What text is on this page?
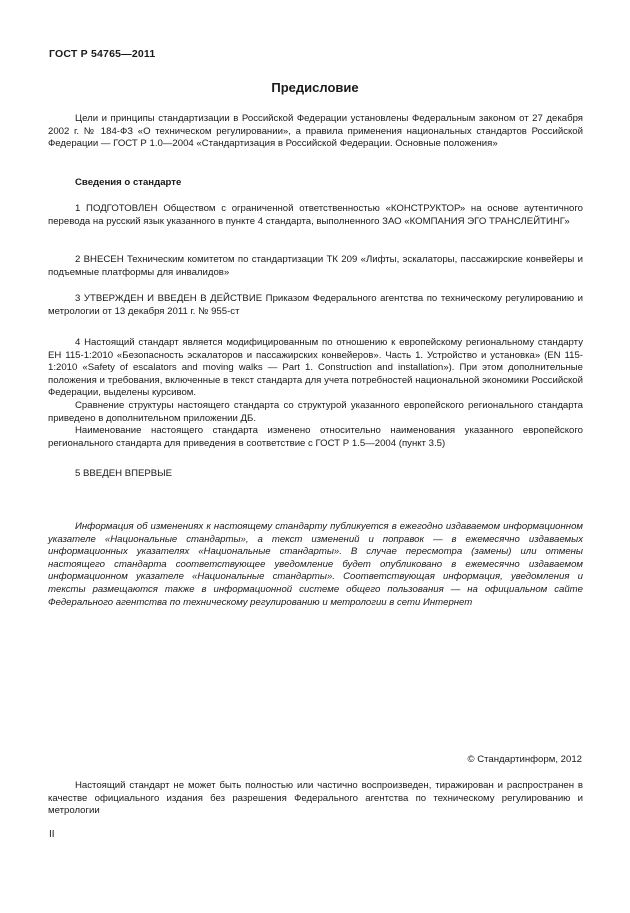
ГОСТ Р 54765—2011
Предисловие

Цели и принципы стандартизации в Российской Федерации установлены Федеральным законом от 27 декабря 2002 г. № 184-ФЗ «О техническом регулировании», а правила применения национальных стандартов Российской Федерации — ГОСТ Р 1.0—2004 «Стандартизация в Российской Федерации. Основные положения»

Сведения о стандарте

1 ПОДГОТОВЛЕН Обществом с ограниченной ответственностью «КОНСТРУКТОР» на основе аутентичного перевода на русский язык указанного в пункте 4 стандарта, выполненного ЗАО «КОМПАНИЯ ЭГО ТРАНСЛЕЙТИНГ»

2 ВНЕСЕН Техническим комитетом по стандартизации ТК 209 «Лифты, эскалаторы, пассажирские конвейеры и подъемные платформы для инвалидов»

3 УТВЕРЖДЕН И ВВЕДЕН В ДЕЙСТВИЕ Приказом Федерального агентства по техническому регулированию и метрологии от 13 декабря 2011 г. № 955-ст

4 Настоящий стандарт является модифицированным по отношению к европейскому региональному стандарту ЕН 115-1:2010 «Безопасность эскалаторов и пассажирских конвейеров». Часть 1. Устройство и установка» (EN 115-1:2010 «Safety of escalators and moving walks — Part 1. Construction and installation»). При этом дополнительные положения и требования, включенные в текст стандарта для учета потребностей национальной экономики Российской Федерации, выделены курсивом.

Сравнение структуры настоящего стандарта со структурой указанного европейского регионального стандарта приведено в дополнительном приложении ДБ.

Наименование настоящего стандарта изменено относительно наименования указанного европейского регионального стандарта для приведения в соответствие с ГОСТ Р 1.5—2004 (пункт 3.5)

5 ВВЕДЕН ВПЕРВЫЕ

Информация об изменениях к настоящему стандарту публикуется в ежегодно издаваемом информационном указателе «Национальные стандарты», а текст изменений и поправок — в ежемесячно издаваемых информационных указателях «Национальные стандарты». В случае пересмотра (замены) или отмены настоящего стандарта соответствующее уведомление будет опубликовано в ежемесячно издаваемом информационном указателе «Национальные стандарты». Соответствующая информация, уведомления и тексты размещаются также в информационной системе общего пользования — на официальном сайте Федерального агентства по техническому регулированию и метрологии в сети Интернет

© Стандартинформ, 2012

Настоящий стандарт не может быть полностью или частично воспроизведен, тиражирован и распространен в качестве официального издания без разрешения Федерального агентства по техническому регулированию и метрологии

II
